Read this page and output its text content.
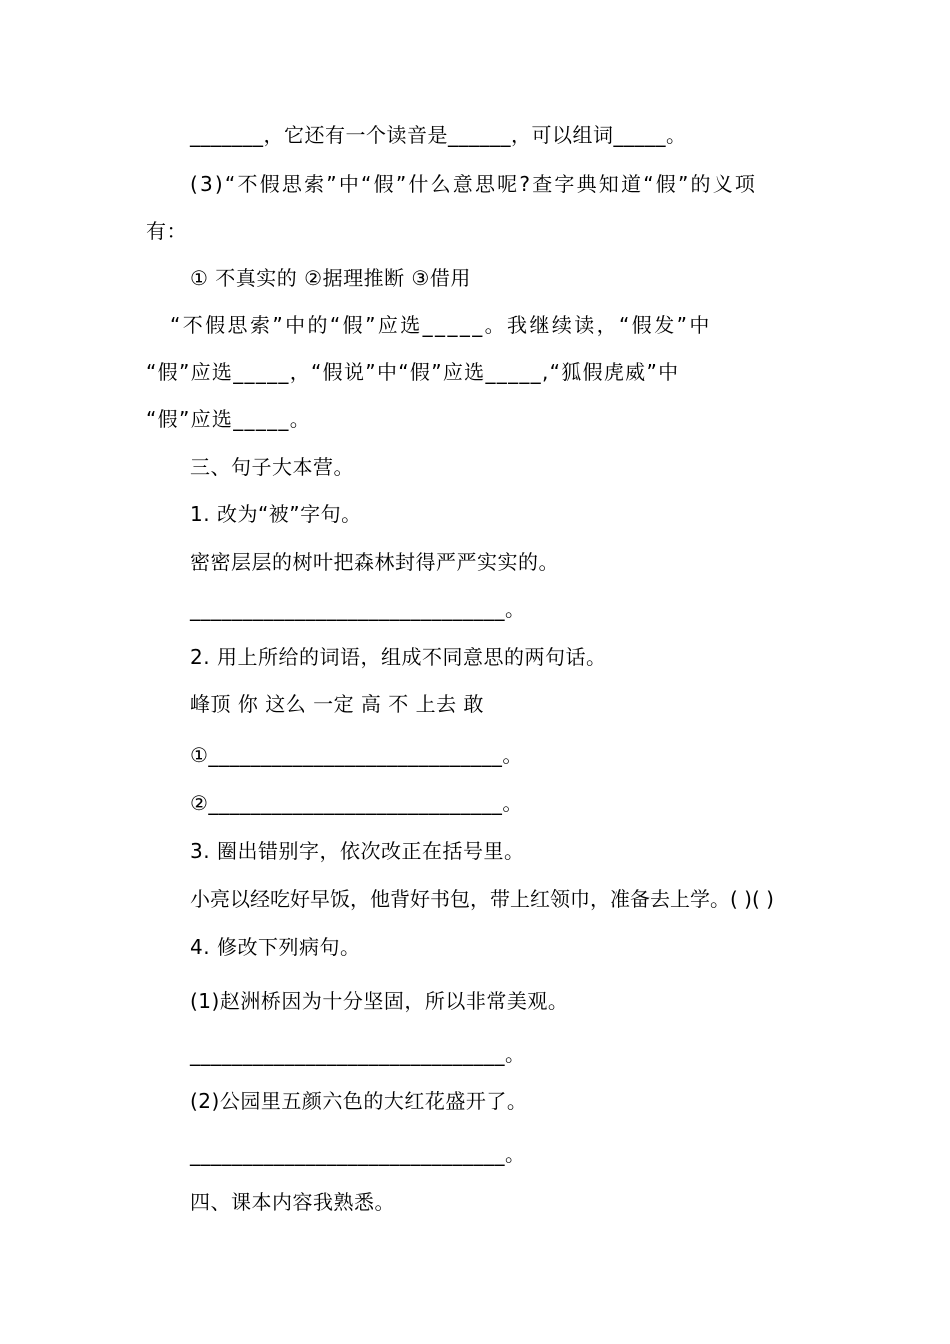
_______，它还有一个读音是______，可以组词_____。
(3)“不假思索”中“假”什么意思呢?查字典知道“假”的义项
有：
① 不真实的 ②据理推断 ③借用
“不假思索”中的“假”应选_____。我继续读，“假发”中
“假”应选_____，“假说”中“假”应选_____,“狐假虎威”中
“假”应选_____。
三、句子大本营。
1. 改为“被”字句。
密密层层的树叶把森林封得严严实实的。
______________________________。
2. 用上所给的词语，组成不同意思的两句话。
峰顶 你 这么 一定 高 不 上去 敢
①____________________________。
②____________________________。
3. 圈出错别字，依次改正在括号里。
小亮以经吃好早饭，他背好书包，带上红领巾，准备去上学。( )( )
4. 修改下列病句。
(1)赵洲桥因为十分坚固，所以非常美观。
______________________________。
(2)公园里五颜六色的大红花盛开了。
______________________________。
四、课本内容我熟悉。
